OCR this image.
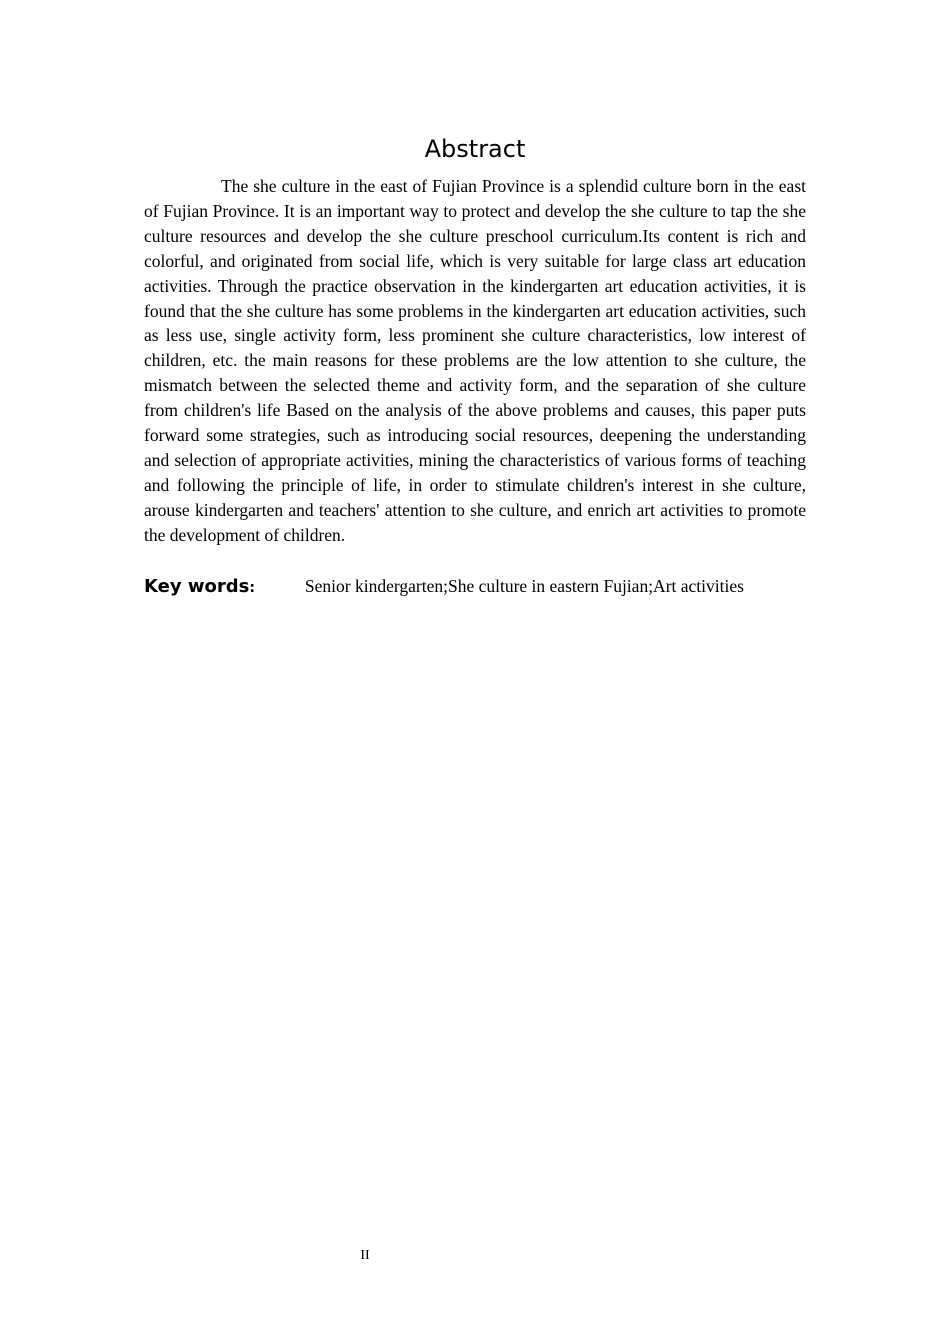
Abstract

The she culture in the east of Fujian Province is a splendid culture born in the east of Fujian Province. It is an important way to protect and develop the she culture to tap the she culture resources and develop the she culture preschool curriculum.Its content is rich and colorful, and originated from social life, which is very suitable for large class art education activities. Through the practice observation in the kindergarten art education activities, it is found that the she culture has some problems in the kindergarten art education activities, such as less use, single activity form, less prominent she culture characteristics, low interest of children, etc. the main reasons for these problems are the low attention to she culture, the mismatch between the selected theme and activity form, and the separation of she culture from children's life Based on the analysis of the above problems and causes, this paper puts forward some strategies, such as introducing social resources, deepening the understanding and selection of appropriate activities, mining the characteristics of various forms of teaching and following the principle of life, in order to stimulate children's interest in she culture, arouse kindergarten and teachers' attention to she culture, and enrich art activities to promote the development of children.

Key words:	Senior kindergarten;She culture in eastern Fujian;Art activities

II
